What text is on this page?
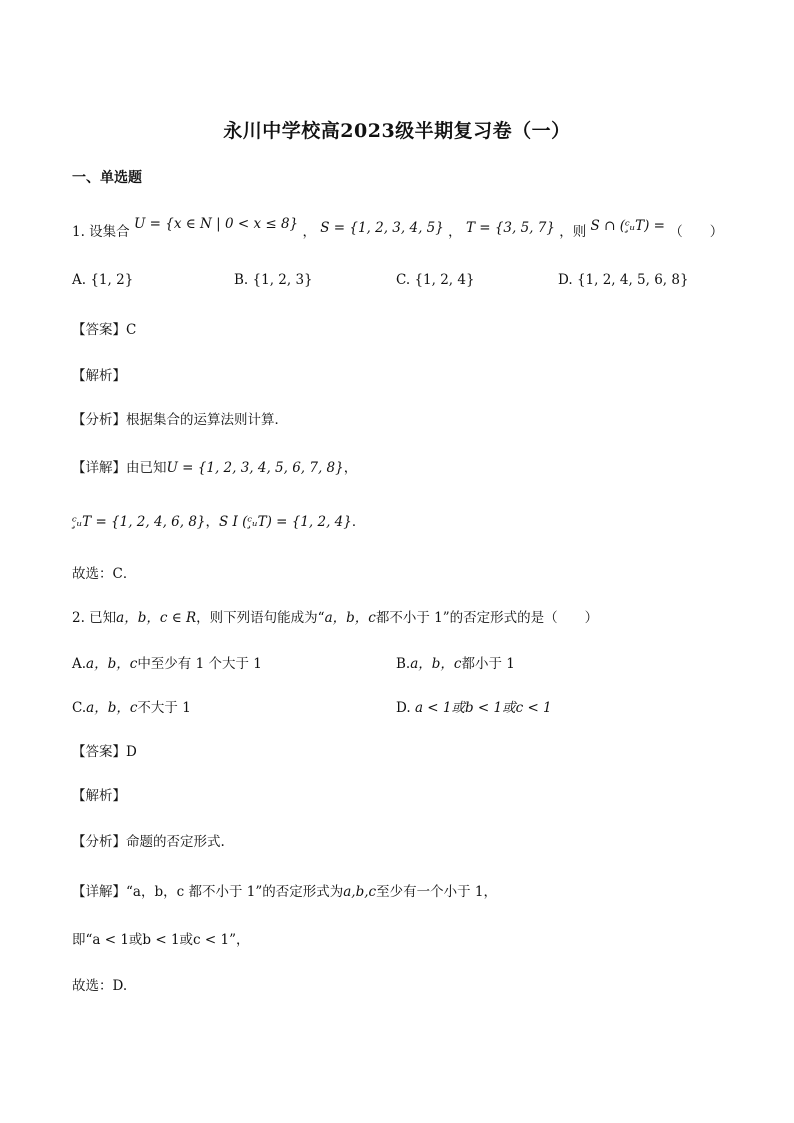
永川中学校高2023级半期复习卷（一）
一、单选题
1. 设集合 U = {x ∈ N | 0 < x ≤ 8} ， S = {1, 2, 3, 4, 5} ， T = {3, 5, 7} ，则 S ∩ (ᶜ̧ᵤT) = （　　）
A. {1, 2}	B. {1, 2, 3}	C. {1, 2, 4}	D. {1, 2, 4, 5, 6, 8}
【答案】C
【解析】
【分析】根据集合的运算法则计算．
【详解】由已知U = {1, 2, 3, 4, 5, 6, 7, 8}，
ᶜ̧ᵤT = {1, 2, 4, 6, 8}，S I (ᶜ̧ᵤT) = {1, 2, 4}．
故选：C．
2. 已知a，b，c ∈ R，则下列语句能成为“a，b，c都不小于 1”的否定形式的是（　　）
A.a，b，c中至少有 1 个大于 1	B.a，b，c都小于 1
C.a，b，c不大于 1	D. a < 1或b < 1或c < 1
【答案】D
【解析】
【分析】命题的否定形式.
【详解】“a，b，c 都不小于 1”的否定形式为a,b,c至少有一个小于 1，
即“a < 1或b < 1或c < 1”，
故选：D.
